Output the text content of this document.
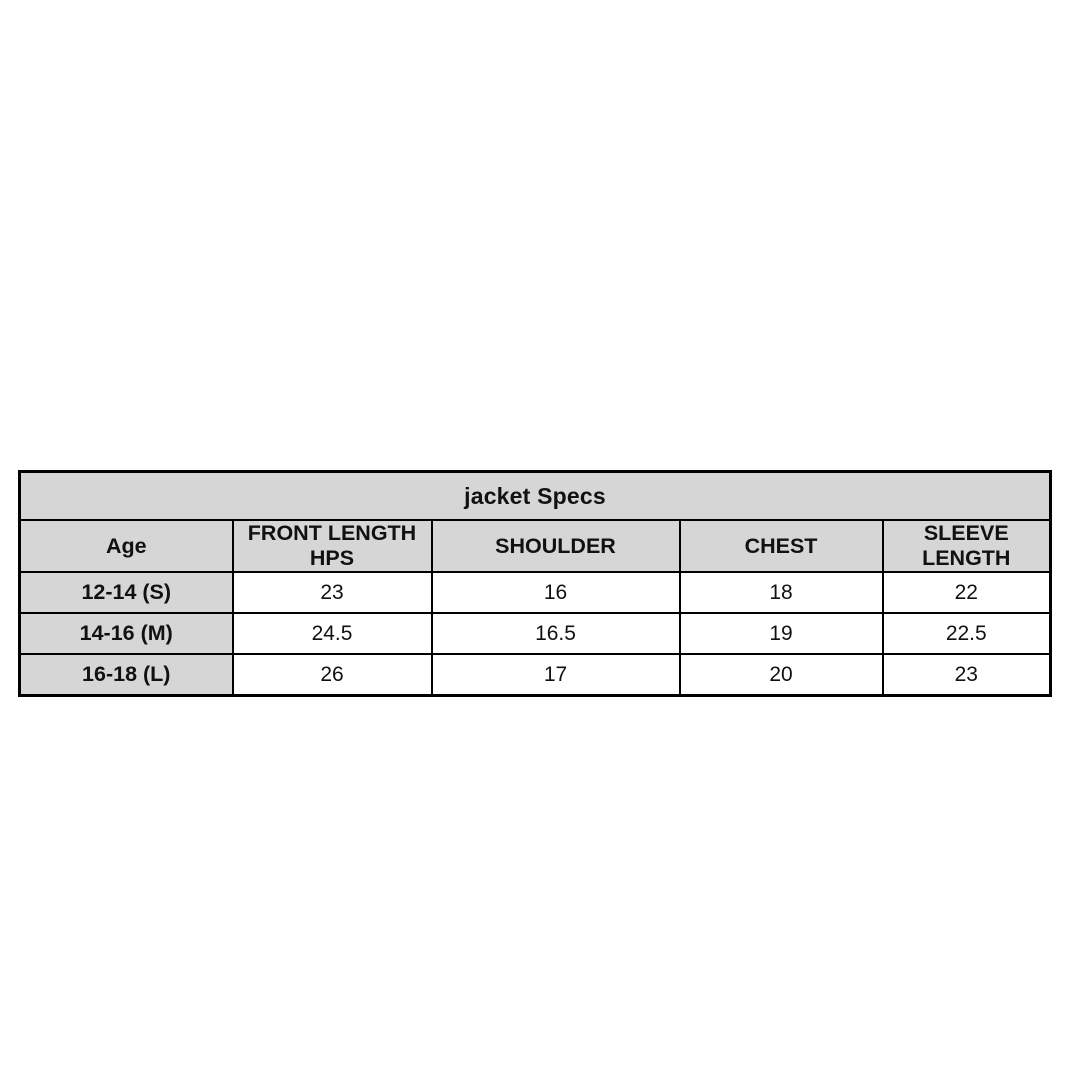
jacket Specs				
Age	FRONT LENGTH HPS	SHOULDER	CHEST	SLEEVE LENGTH
12-14 (S)	23	16	18	22
14-16 (M)	24.5	16.5	19	22.5
16-18 (L)	26	17	20	23
